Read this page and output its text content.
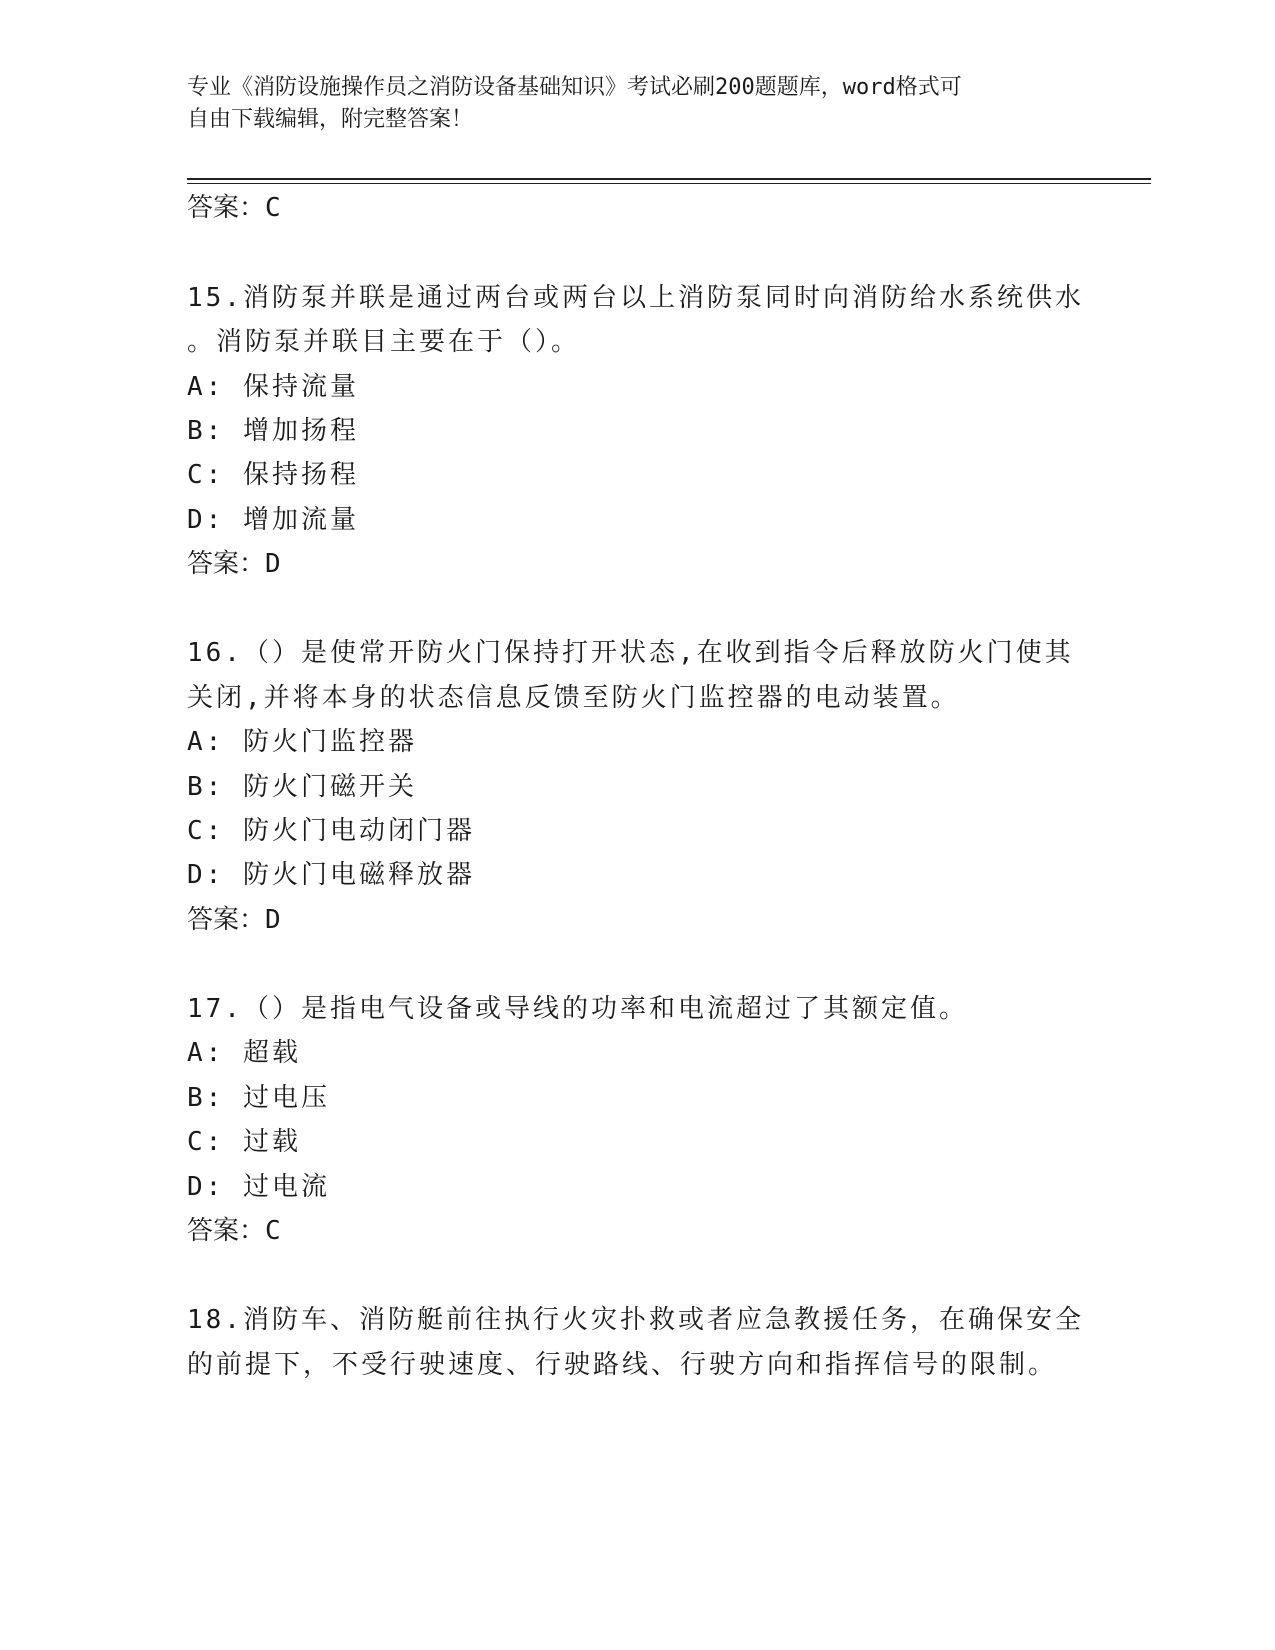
专业《消防设施操作员之消防设备基础知识》考试必刷200题题库，word格式可
自由下载编辑，附完整答案！
答案：C
15.消防泵并联是通过两台或两台以上消防泵同时向消防给水系统供水
。消防泵并联目主要在于（）。
A: 保持流量
B: 增加扬程
C: 保持扬程
D: 增加流量
答案：D
16.（）是使常开防火门保持打开状态,在收到指令后释放防火门使其
关闭,并将本身的状态信息反馈至防火门监控器的电动装置。
A: 防火门监控器
B: 防火门磁开关
C: 防火门电动闭门器
D: 防火门电磁释放器
答案：D
17.（）是指电气设备或导线的功率和电流超过了其额定值。
A: 超载
B: 过电压
C: 过载
D: 过电流
答案：C
18.消防车、消防艇前往执行火灾扑救或者应急教援任务，在确保安全
的前提下，不受行驶速度、行驶路线、行驶方向和指挥信号的限制。
